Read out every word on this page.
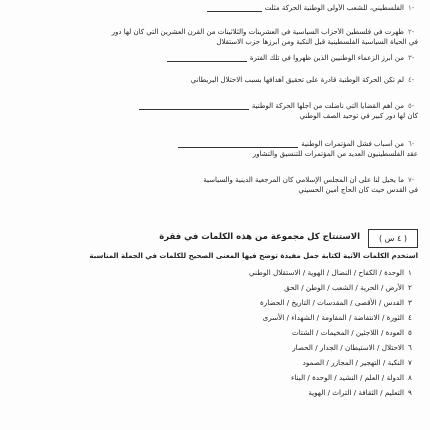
-١الفلسطيني، للشعب الأولى الوطنية الحركة مثلت
-٢ظهرت في فلسطين الأحزاب السياسية في العشرينات والثلاثينات من القرن العشرين التي كان لها دور
في الحياة السياسية الفلسطينية قبل النكبة ومن أبرزها حزب الاستقلال
-٣من أبرز الزعماء الوطنيين الذين ظهروا في تلك الفترة
-٤لم تكن الحركة الوطنية قادرة على تحقيق أهدافها بسبب الاحتلال البريطاني
-٥من أهم القضايا التي ناضلت من أجلها الحركة الوطنية
كان لها دور كبير في توحيد الصف الوطني
-٦من أسباب فشل المؤتمرات الوطنية
عقد الفلسطينيون العديد من المؤتمرات للتنسيق والتشاور
-٧ما يحيل لنا على أن المجلس الإسلامي كان المرجعية الدينية والسياسية
في القدس حيث كان الحاج أمين الحسيني
( ٤ س )
الاستنتاج كل مجموعة من هذه الكلمات في فقرة
استخدم الكلمات الآتية لكتابة جمل مفيدة توضح فيها المعنى الصحيح للكلمات في الجملة المناسبة
١الوحدة / الكفاح / النضال / الهوية / الاستقلال الوطني
٢الأرض / الحرية / الشعب / الوطن / الحق
٣القدس / الأقصى / المقدسات / التاريخ / الحضارة
٤الثورة / الانتفاضة / المقاومة / الشهداء / الأسرى
٥العودة / اللاجئين / المخيمات / الشتات
٦الاحتلال / الاستيطان / الجدار / الحصار
٧النكبة / التهجير / المجازر / الصمود
٨الدولة / العلم / النشيد / الوحدة / البناء
٩التعليم / الثقافة / التراث / الهوية
